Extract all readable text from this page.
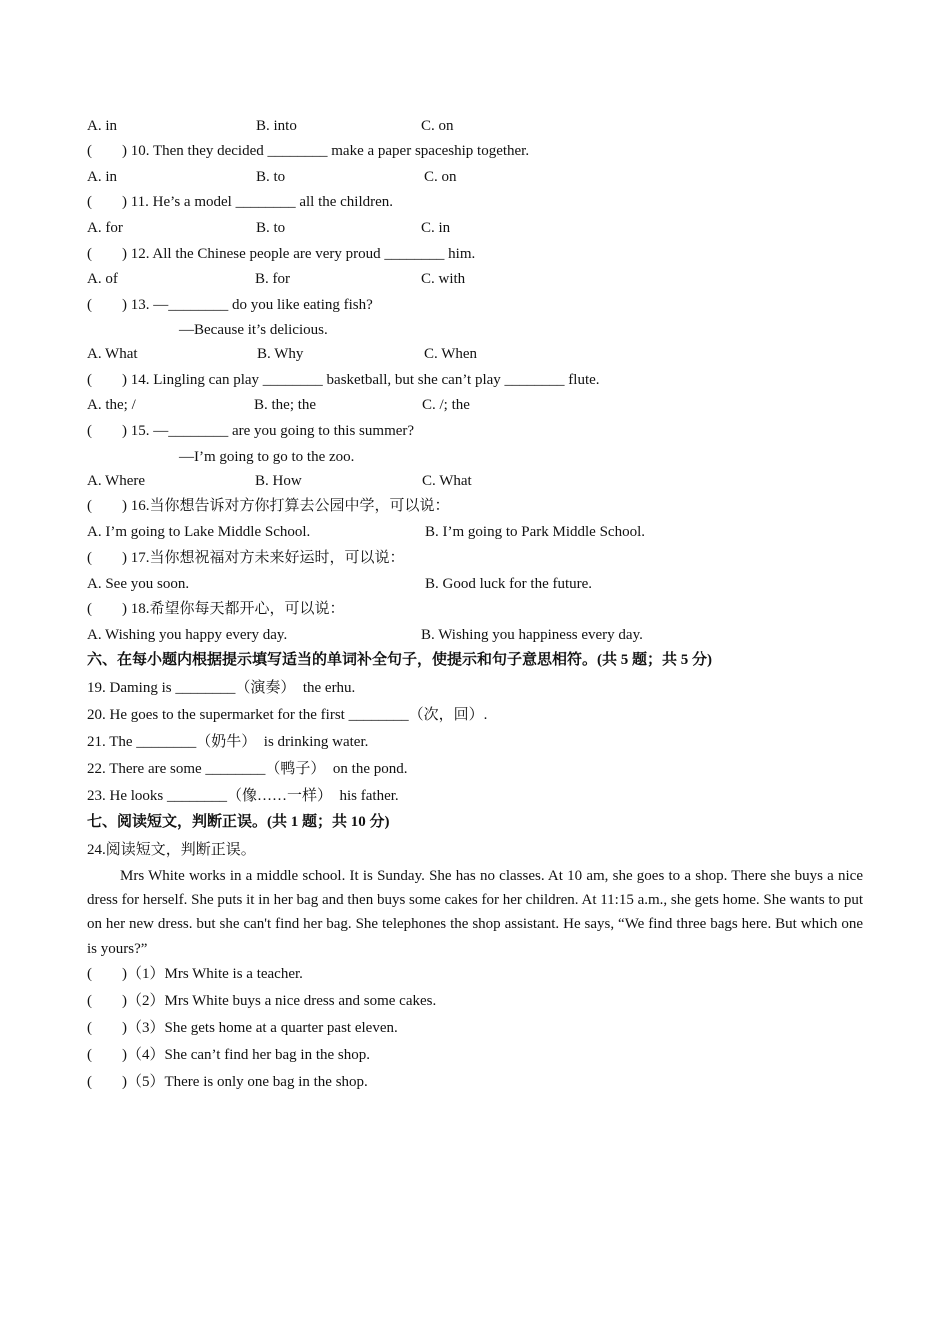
A. in	B. into	C. on
(        ) 10. Then they decided ________ make a paper spaceship together.
A. in	B. to	C. on
(        ) 11. He’s a model ________ all the children.
A. for	B. to	C. in
(        ) 12. All the Chinese people are very proud ________ him.
A. of	B. for	C. with
(        ) 13. —________ do you like eating fish?
—Because it’s delicious.
A. What	B. Why	C. When
(        ) 14. Lingling can play ________ basketball, but she can’t play ________ flute.
A. the; /	B. the; the	C. /; the
(        ) 15. —________ are you going to this summer?
—I’m going to go to the zoo.
A. Where	B. How	C. What
(        ) 16.当你想告诉对方你打算去公园中学，可以说：
A. I’m going to Lake Middle School.	B. I’m going to Park Middle School.
(        ) 17.当你想祝福对方未来好运时，可以说：
A. See you soon.	B. Good luck for the future.
(        ) 18.希望你每天都开心，可以说：
A. Wishing you happy every day.	B. Wishing you happiness every day.
六、在每小题内根据提示填写适当的单词补全句子，使提示和句子意思相符。(共 5 题；共 5 分)
19. Daming is ________（演奏）  the erhu.
20. He goes to the supermarket for the first ________（次，回）.
21. The ________（奶牛）  is drinking water.
22. There are some ________（鸭子）  on the pond.
23. He looks ________（像……一样）  his father.
七、阅读短文，判断正误。(共 1 题；共 10 分)
24.阅读短文，判断正误。
Mrs White works in a middle school. It is Sunday. She has no classes. At 10 am, she goes to a shop. There she buys a nice dress for herself. She puts it in her bag and then buys some cakes for her children. At 11:15 a.m., she gets home. She wants to put on her new dress. but she can't find her bag. She telephones the shop assistant. He says, “We find three bags here. But which one is yours?”
(        )（1）Mrs White is a teacher.
(        )（2）Mrs White buys a nice dress and some cakes.
(        )（3）She gets home at a quarter past eleven.
(        )（4）She can’t find her bag in the shop.
(        )（5）There is only one bag in the shop.
